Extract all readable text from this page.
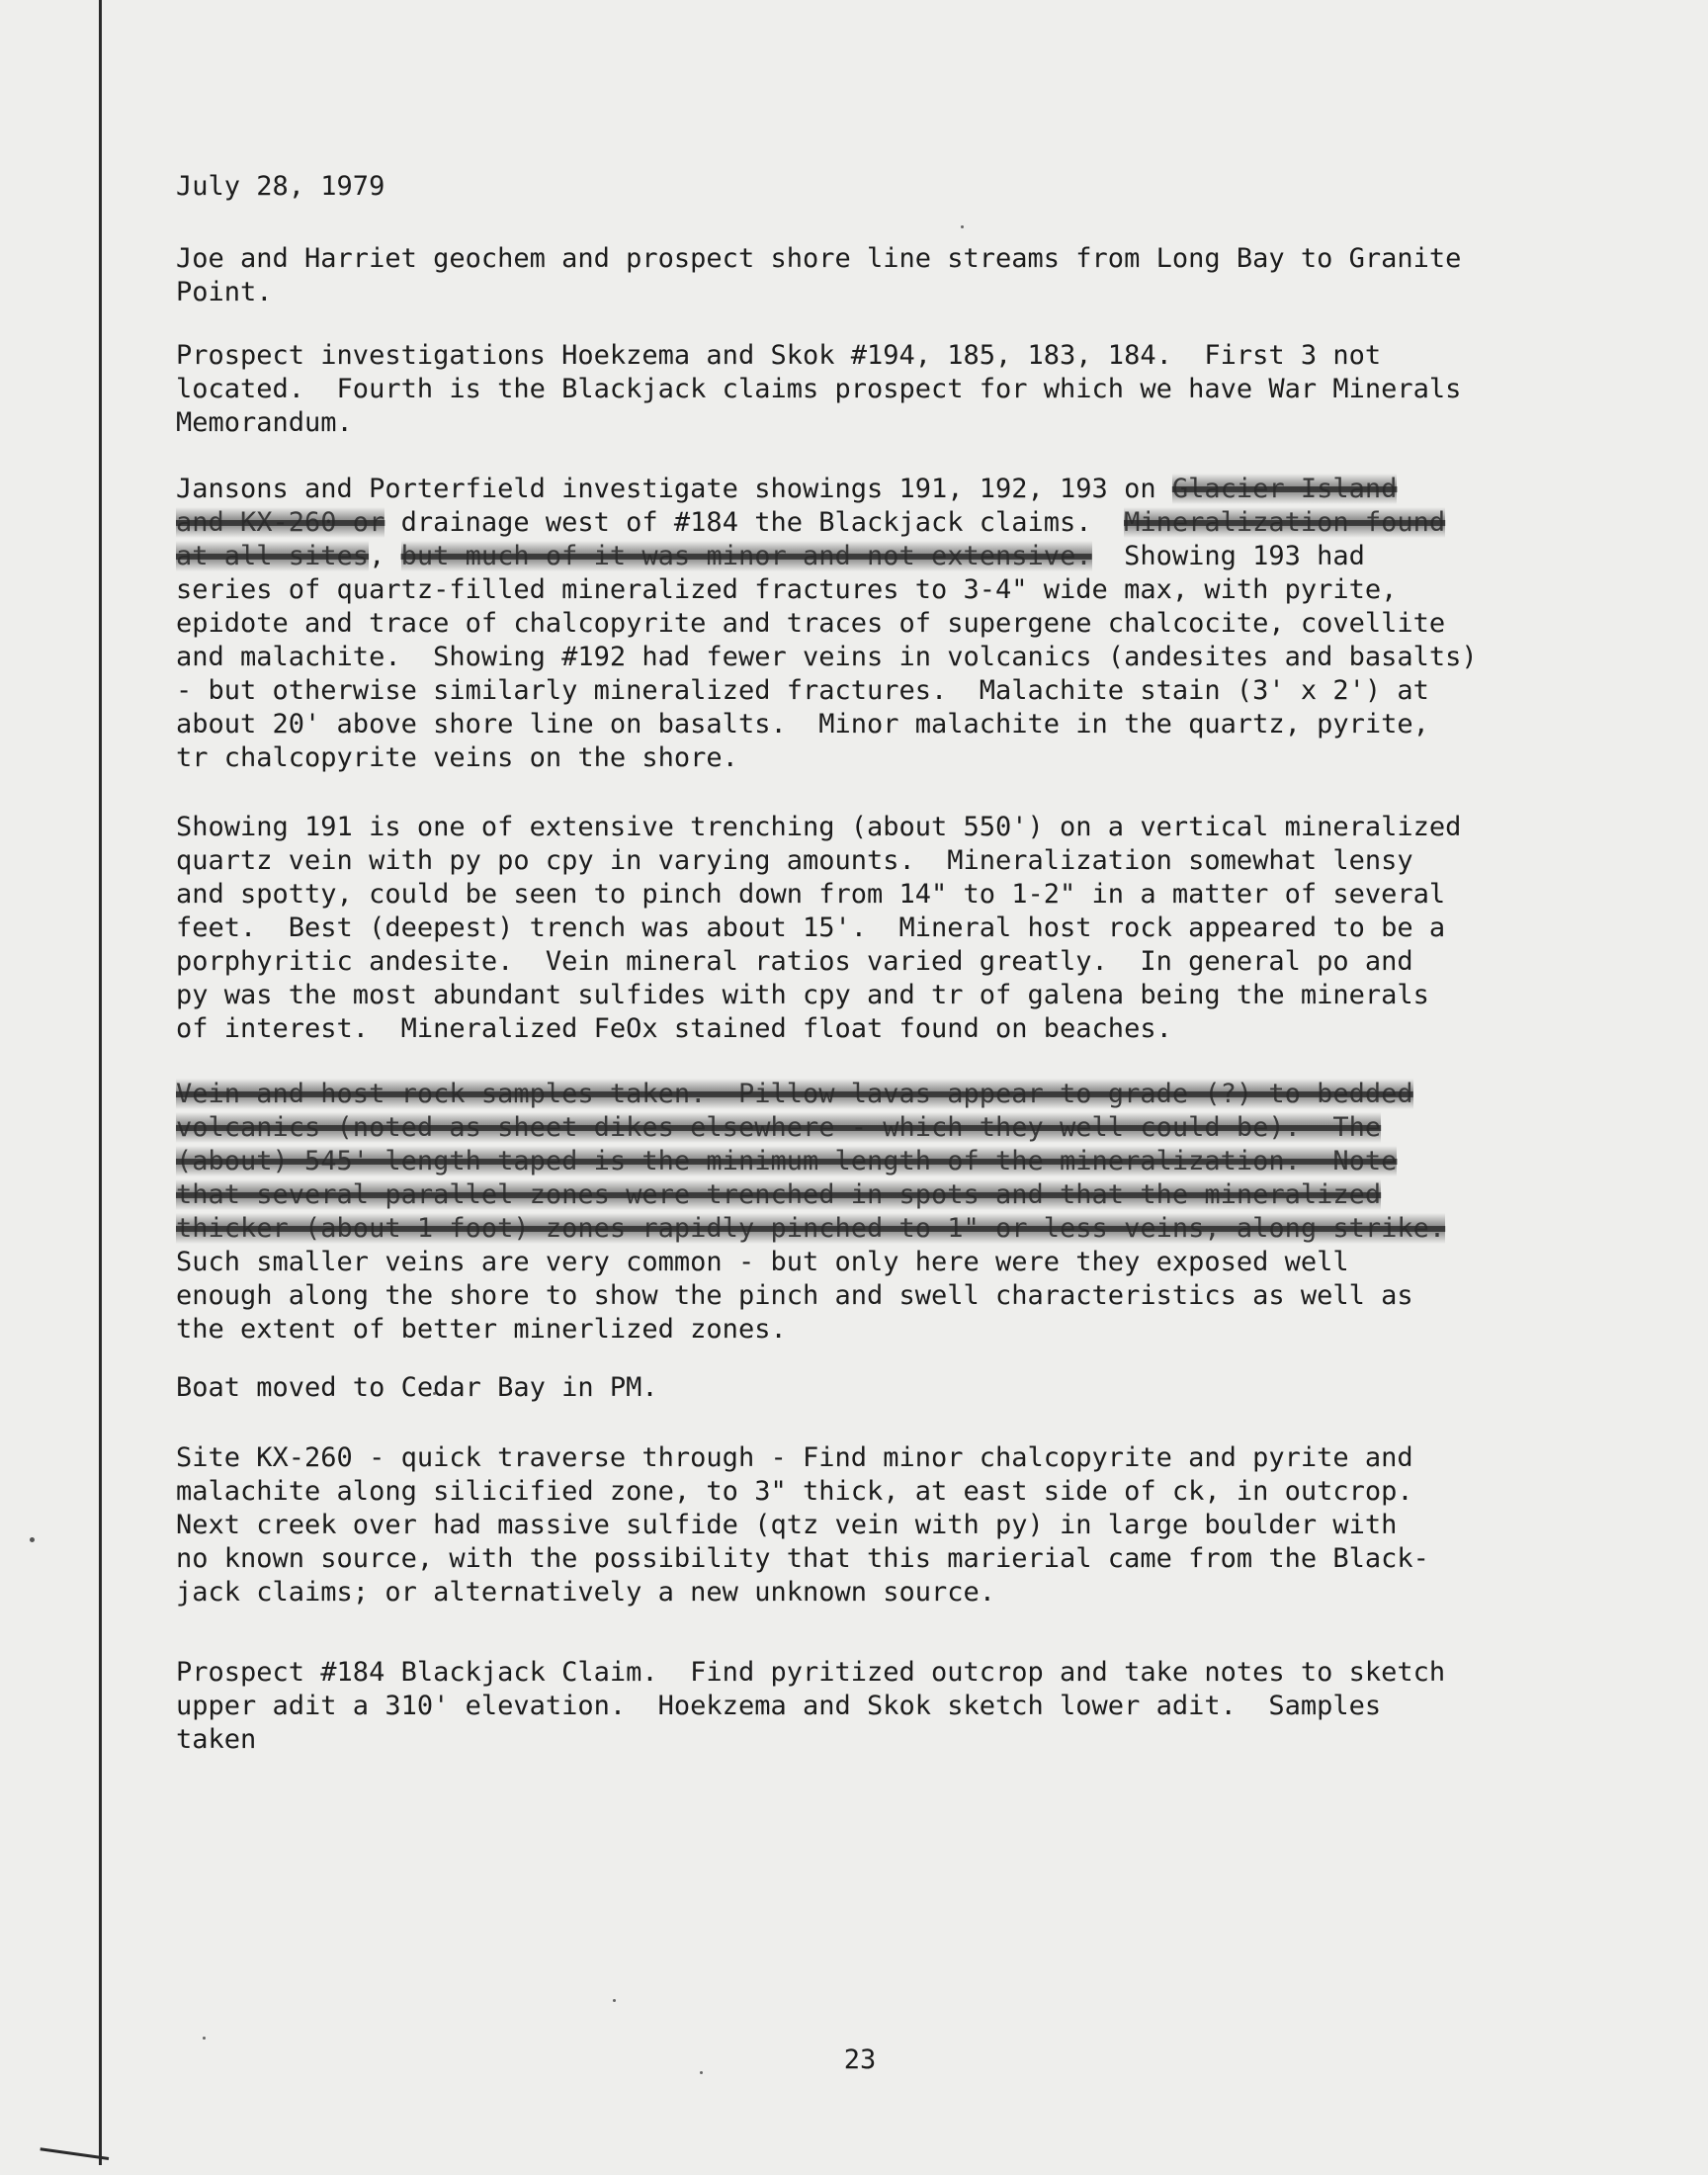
July 28, 1979

Joe and Harriet geochem and prospect shore line streams from Long Bay to Granite
Point.

Prospect investigations Hoekzema and Skok #194, 185, 183, 184.  First 3 not
located.  Fourth is the Blackjack claims prospect for which we have War Minerals
Memorandum.

Jansons and Porterfield investigate showings 191, 192, 193 on Glacier Island
and KX-260 or drainage west of #184 the Blackjack claims.  Mineralization found
at all sites, but much of it was minor and not extensive.  Showing 193 had
series of quartz-filled mineralized fractures to 3-4" wide max, with pyrite,
epidote and trace of chalcopyrite and traces of supergene chalcocite, covellite
and malachite.  Showing #192 had fewer veins in volcanics (andesites and basalts)
- but otherwise similarly mineralized fractures.  Malachite stain (3' x 2') at
about 20' above shore line on basalts.  Minor malachite in the quartz, pyrite,
tr chalcopyrite veins on the shore.

Showing 191 is one of extensive trenching (about 550') on a vertical mineralized
quartz vein with py po cpy in varying amounts.  Mineralization somewhat lensy
and spotty, could be seen to pinch down from 14" to 1-2" in a matter of several
feet.  Best (deepest) trench was about 15'.  Mineral host rock appeared to be a
porphyritic andesite.  Vein mineral ratios varied greatly.  In general po and
py was the most abundant sulfides with cpy and tr of galena being the minerals
of interest.  Mineralized FeOx stained float found on beaches.

Vein and host rock samples taken.  Pillow lavas appear to grade (?) to bedded
volcanics (noted as sheet dikes elsewhere - which they well could be).  The
(about) 545' length taped is the minimum length of the mineralization.  Note
that several parallel zones were trenched in spots and that the mineralized
thicker (about 1 foot) zones rapidly pinched to 1" or less veins, along strike.
Such smaller veins are very common - but only here were they exposed well
enough along the shore to show the pinch and swell characteristics as well as
the extent of better minerlized zones.

Boat moved to Cedar Bay in PM.

Site KX-260 - quick traverse through - Find minor chalcopyrite and pyrite and
malachite along silicified zone, to 3" thick, at east side of ck, in outcrop.
Next creek over had massive sulfide (qtz vein with py) in large boulder with
no known source, with the possibility that this marierial came from the Black-
jack claims; or alternatively a new unknown source.

Prospect #184 Blackjack Claim.  Find pyritized outcrop and take notes to sketch
upper adit a 310' elevation.  Hoekzema and Skok sketch lower adit.  Samples
taken

23
